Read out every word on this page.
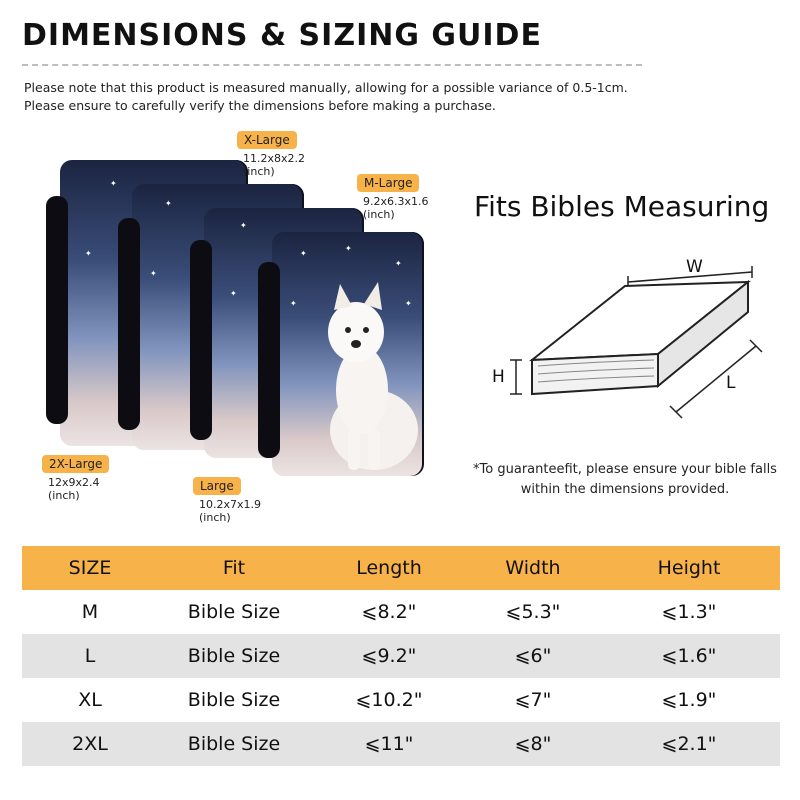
DIMENSIONS & SIZING GUIDE
Please note that this product is measured manually, allowing for a possible variance of 0.5-1cm.
Please ensure to carefully verify the dimensions before making a purchase.
✦
✦
✦
✦
✦
✦
✦
✦
✦
✦
✦
X-Large
11.2x8x2.2
(inch)
M-Large
9.2x6.3x1.6
(inch)
2X-Large
12x9x2.4
(inch)
Large
10.2x7x1.9
(inch)
Fits Bibles Measuring
W
H	L
*To guaranteefit, please ensure your bible falls
within the dimensions provided.
SIZE	Fit	Length	Width	Height
M	Bible Size	⩽8.2"	⩽5.3"	⩽1.3"
L	Bible Size	⩽9.2"	⩽6"	⩽1.6"
XL	Bible Size	⩽10.2"	⩽7"	⩽1.9"
2XL	Bible Size	⩽11"	⩽8"	⩽2.1"
